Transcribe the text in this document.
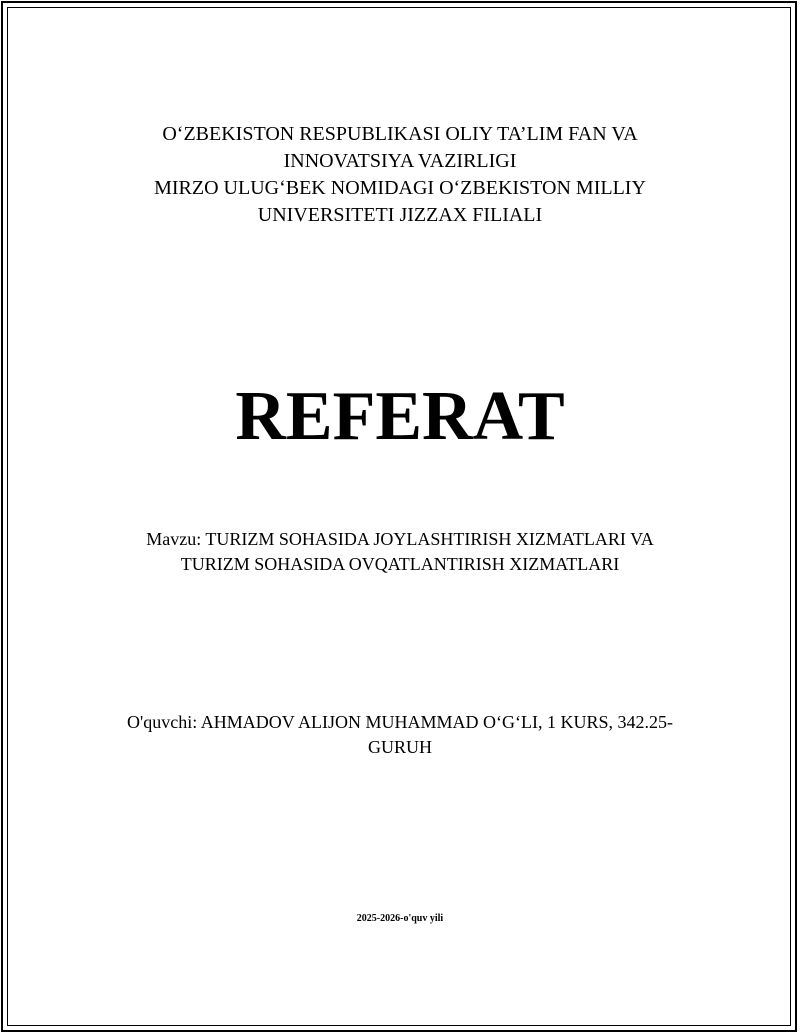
O‘ZBEKISTON RESPUBLIKASI OLIY TA’LIM FAN VA
INNOVATSIYA VAZIRLIGI
MIRZO ULUG‘BEK NOMIDAGI O‘ZBEKISTON MILLIY
UNIVERSITETI JIZZAX FILIALI
REFERAT
Mavzu: TURIZM SOHASIDA JOYLASHTIRISH XIZMATLARI VA
TURIZM SOHASIDA OVQATLANTIRISH XIZMATLARI
O'quvchi: AHMADOV ALIJON MUHAMMAD O‘G‘LI, 1 KURS, 342.25-
GURUH
2025-2026-o'quv yili
